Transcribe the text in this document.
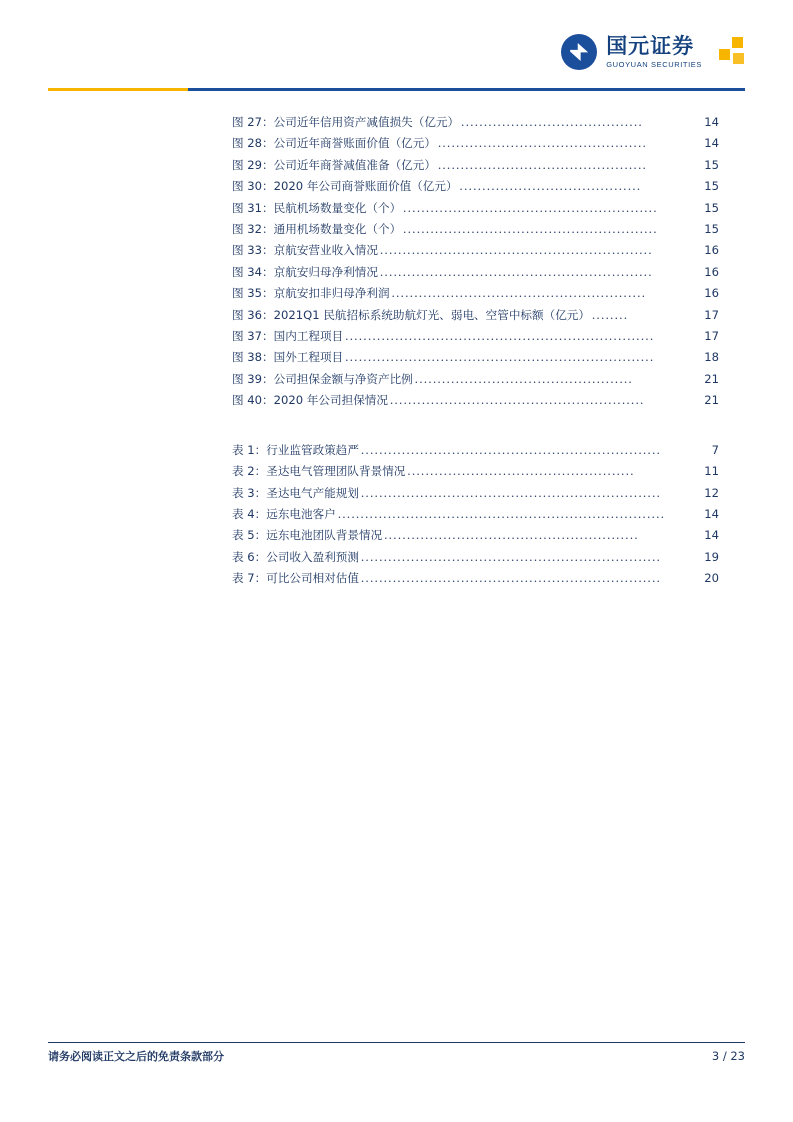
国元证券
GUOYUAN SECURITIES
图 27：公司近年信用资产减值损失（亿元） ........................................	14
图 28：公司近年商誉账面价值（亿元） ..............................................	14
图 29：公司近年商誉减值准备（亿元） ..............................................	15
图 30：2020 年公司商誉账面价值（亿元） ........................................	15
图 31：民航机场数量变化（个） ........................................................	15
图 32：通用机场数量变化（个） ........................................................	15
图 33：京航安营业收入情况 ............................................................	16
图 34：京航安归母净利情况 ............................................................	16
图 35：京航安扣非归母净利润 ........................................................	16
图 36：2021Q1 民航招标系统助航灯光、弱电、空管中标额（亿元） ........	17
图 37：国内工程项目 ....................................................................	17
图 38：国外工程项目 ....................................................................	18
图 39：公司担保金额与净资产比例 ................................................	21
图 40：2020 年公司担保情况 ........................................................	21
表 1：行业监管政策趋严 ..................................................................	7
表 2：圣达电气管理团队背景情况 ..................................................	11
表 3：圣达电气产能规划 ..................................................................	12
表 4：远东电池客户 ........................................................................	14
表 5：远东电池团队背景情况 ........................................................	14
表 6：公司收入盈利预测 ..................................................................	19
表 7：可比公司相对估值 ..................................................................	20
请务必阅读正文之后的免责条款部分	3 / 23
